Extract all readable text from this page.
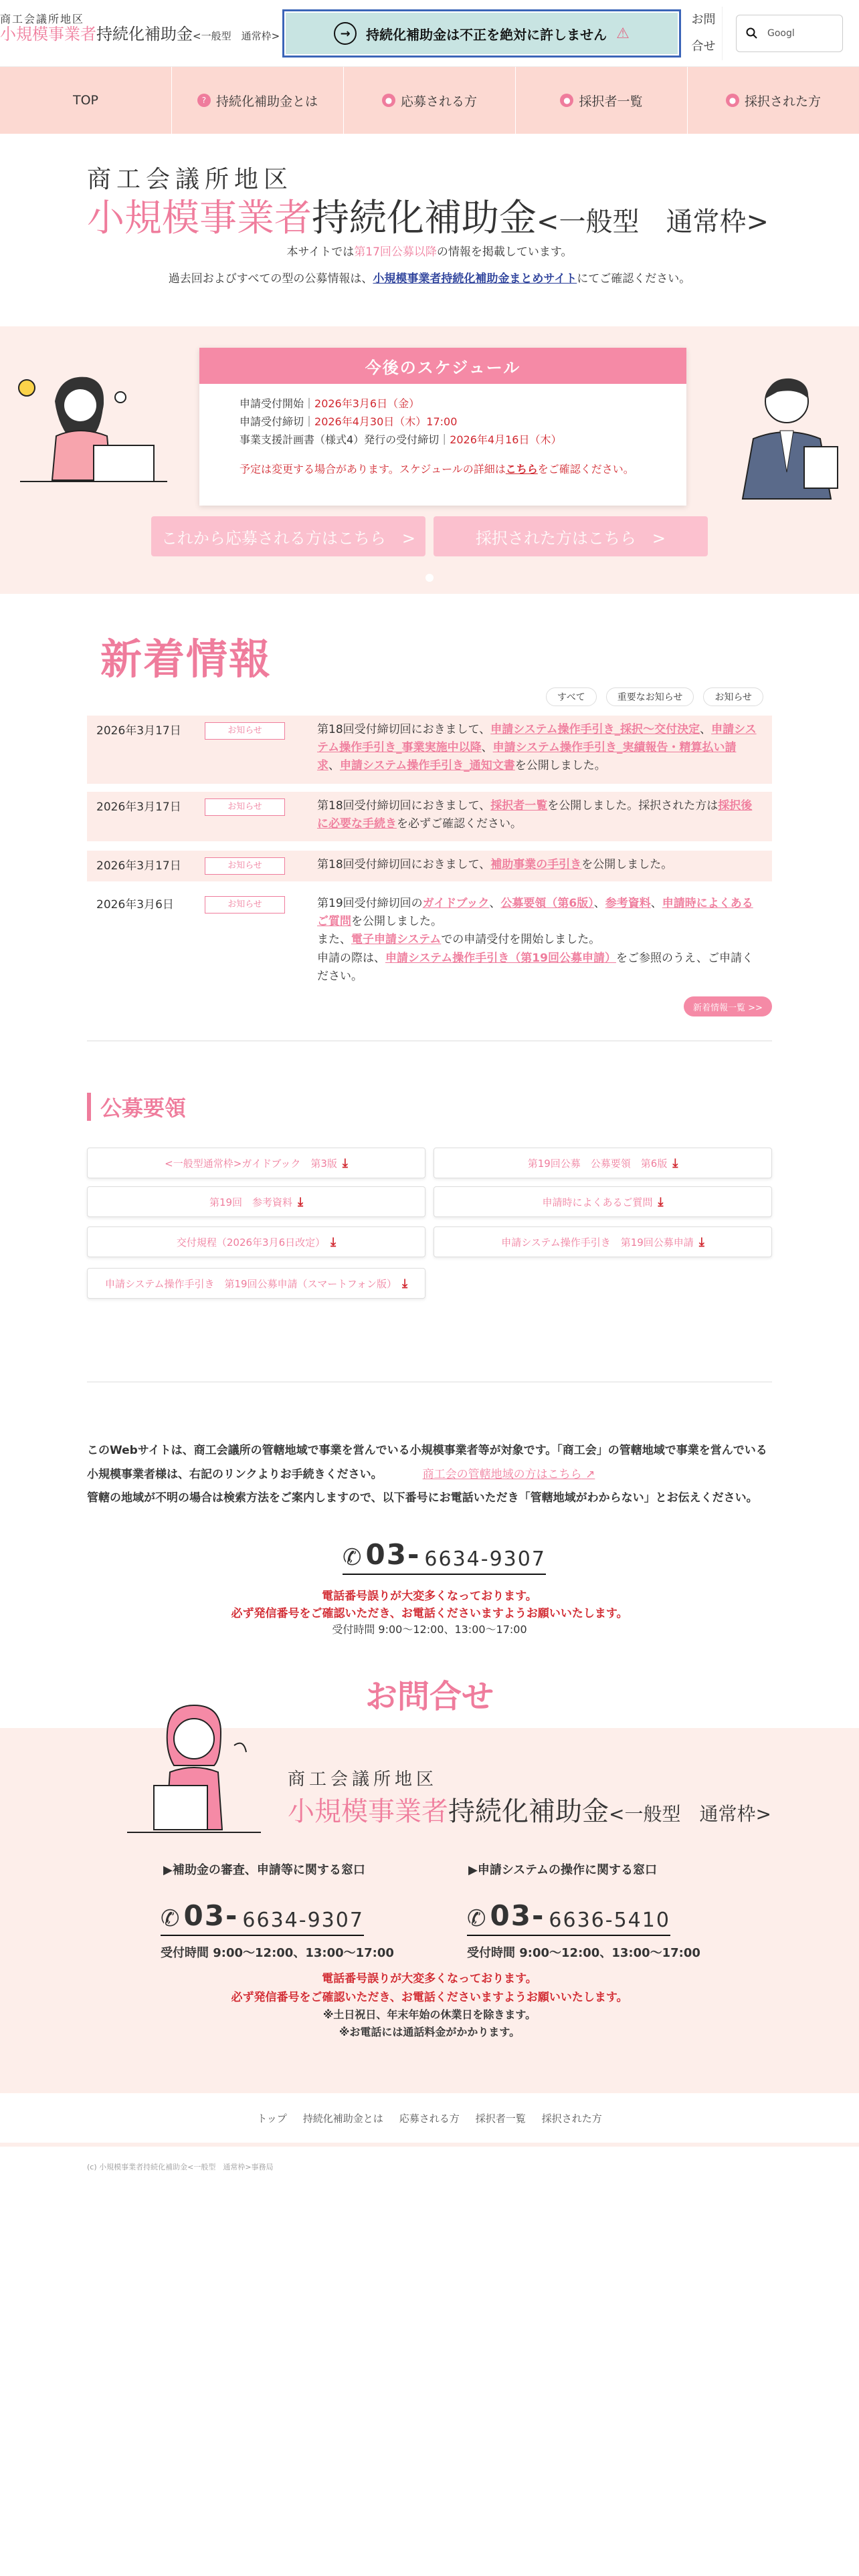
商工会議所地区
小規模事業者持続化補助金<一般型　通常枠>	→	持続化補助金は不正を絶対に許しません ⚠
お問
合せ
Googl
TOP	? 持続化補助金とは	● 応募される方	● 採択者一覧	● 採択された方
商工会議所地区
小規模事業者持続化補助金<一般型　通常枠>
本サイトでは第17回公募以降の情報を掲載しています。
過去回およびすべての型の公募情報は、小規模事業者持続化補助金まとめサイトにてご確認ください。
今後のスケジュール
申請受付開始｜2026年3月6日（金）
申請受付締切｜2026年4月30日（木）17:00
事業支援計画書（様式4）発行の受付締切｜2026年4月16日（木）
予定は変更する場合があります。スケジュールの詳細はこちらをご確認ください。
これから応募される方はこちら　>	採択された方はこちら　>
新着情報
すべて	重要なお知らせ	お知らせ
2026年3月17日	お知らせ	第18回受付締切回におきまして、申請システム操作手引き_採択～交付決定、申請システム操作手引き_事業実施中以降、申請システム操作手引き_実績報告・精算払い請求、申請システム操作手引き_通知文書を公開しました。
2026年3月17日	お知らせ	第18回受付締切回におきまして、採択者一覧を公開しました。採択された方は採択後に必要な手続きを必ずご確認ください。
2026年3月17日	お知らせ	第18回受付締切回におきまして、補助事業の手引きを公開しました。
2026年3月6日	お知らせ	第19回受付締切回のガイドブック、公募要領（第6版）、参考資料、申請時によくあるご質問を公開しました。
また、電子申請システムでの申請受付を開始しました。
申請の際は、申請システム操作手引き（第19回公募申請）をご参照のうえ、ご申請ください。
新着情報一覧 >>
公募要領
<一般型通常枠>ガイドブック　第3版 ⤓	第19回公募　公募要領　第6版 ⤓
第19回　参考資料 ⤓	申請時によくあるご質問 ⤓
交付規程（2026年3月6日改定） ⤓	申請システム操作手引き　第19回公募申請 ⤓
申請システム操作手引き　第19回公募申請（スマートフォン版） ⤓
このWebサイトは、商工会議所の管轄地域で事業を営んでいる小規模事業者等が対象です。「商工会」の管轄地域で事業を営んでいる
小規模事業者様は、右記のリンクよりお手続きください。	商工会の管轄地域の方はこちら ↗
管轄の地域が不明の場合は検索方法をご案内しますので、以下番号にお電話いただき「管轄地域がわからない」とお伝えください。
✆ 03- 6634-9307
電話番号誤りが大変多くなっております。
必ず発信番号をご確認いただき、お電話くださいますようお願いいたします。
受付時間 9:00～12:00、13:00～17:00
お問合せ
商工会議所地区
小規模事業者持続化補助金<一般型　通常枠>
▶補助金の審査、申請等に関する窓口	▶申請システムの操作に関する窓口
✆ 03- 6634-9307	✆ 03- 6636-5410
受付時間 9:00～12:00、13:00～17:00	受付時間 9:00～12:00、13:00～17:00
電話番号誤りが大変多くなっております。
必ず発信番号をご確認いただき、お電話くださいますようお願いいたします。
※土日祝日、年末年始の休業日を除きます。
※お電話には通話料金がかかります。
トップ 持続化補助金とは 応募される方 採択者一覧 採択された方
(c) 小規模事業者持続化補助金<一般型　通常枠>事務局
